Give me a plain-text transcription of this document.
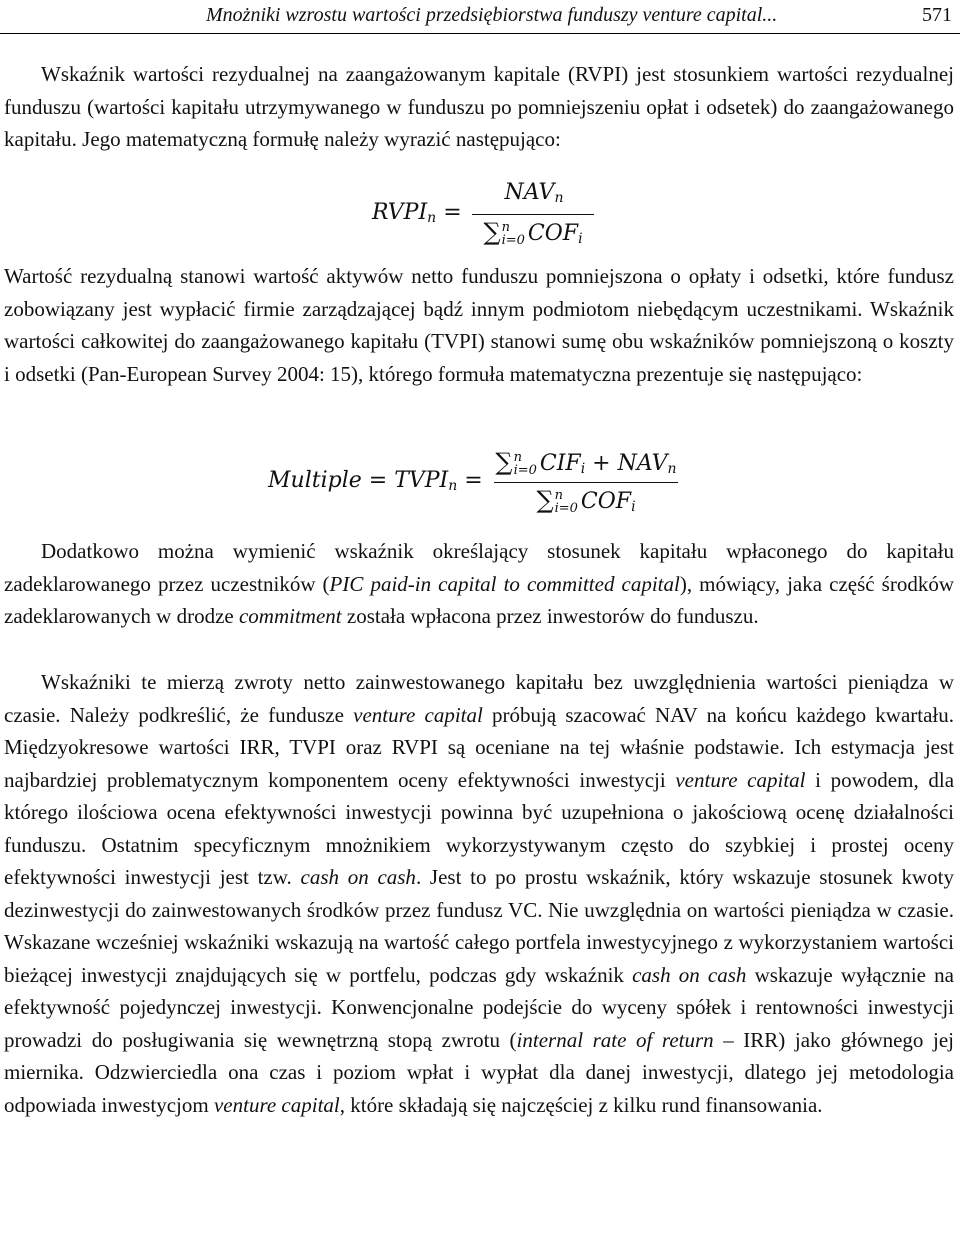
Mnożniki wzrostu wartości przedsiębiorstwa funduszy venture capital...	571

Wskaźnik wartości rezydualnej na zaangażowanym kapitale (RVPI) jest stosunkiem wartości rezydualnej funduszu (wartości kapitału utrzymywanego w funduszu po pomniejszeniu opłat i odsetek) do zaangażowanego kapitału. Jego matematyczną formułę należy wyrazić następująco:

$RVPI_n$ =
$NAV_n$
∑ n
i=0 $COF_i$

Wartość rezydualną stanowi wartość aktywów netto funduszu pomniejszona o opłaty i odsetki, które fundusz zobowiązany jest wypłacić firmie zarządzającej bądź innym podmiotom niebędącym uczestnikami. Wskaźnik wartości całkowitej do zaangażowanego kapitału (TVPI) stanowi sumę obu wskaźników pomniejszoną o koszty i odsetki (Pan-European Survey 2004: 15), którego formuła matematyczna prezentuje się następująco:

Multiple = $TVPI_n$ =
∑ n
i=0 $CIF_i + NAV_n$
∑ n
i=0 $COF_i$

Dodatkowo można wymienić wskaźnik określający stosunek kapitału wpłaconego do kapitału zadeklarowanego przez uczestników (PIC paid-in capital to committed capital), mówiący, jaka część środków zadeklarowanych w drodze commitment została wpłacona przez inwestorów do funduszu.

Wskaźniki te mierzą zwroty netto zainwestowanego kapitału bez uwzględnienia wartości pieniądza w czasie. Należy podkreślić, że fundusze venture capital próbują szacować NAV na końcu każdego kwartału. Międzyokresowe wartości IRR, TVPI oraz RVPI są oceniane na tej właśnie podstawie. Ich estymacja jest najbardziej problematycznym komponentem oceny efektywności inwestycji venture capital i powodem, dla którego ilościowa ocena efektywności inwestycji powinna być uzupełniona o jakościową ocenę działalności funduszu. Ostatnim specyficznym mnożnikiem wykorzystywanym często do szybkiej i prostej oceny efektywności inwestycji jest tzw. cash on cash. Jest to po prostu wskaźnik, który wskazuje stosunek kwoty dezinwestycji do zainwestowanych środków przez fundusz VC. Nie uwzględnia on wartości pieniądza w czasie. Wskazane wcześniej wskaźniki wskazują na wartość całego portfela inwestycyjnego z wykorzystaniem wartości bieżącej inwestycji znajdujących się w portfelu, podczas gdy wskaźnik cash on cash wskazuje wyłącznie na efektywność pojedynczej inwestycji. Konwencjonalne podejście do wyceny spółek i rentowności inwestycji prowadzi do posługiwania się wewnętrzną stopą zwrotu (internal rate of return – IRR) jako głównego jej miernika. Odzwierciedla ona czas i poziom wpłat i wypłat dla danej inwestycji, dlatego jej metodologia odpowiada inwestycjom venture capital, które składają się najczęściej z kilku rund finansowania.
